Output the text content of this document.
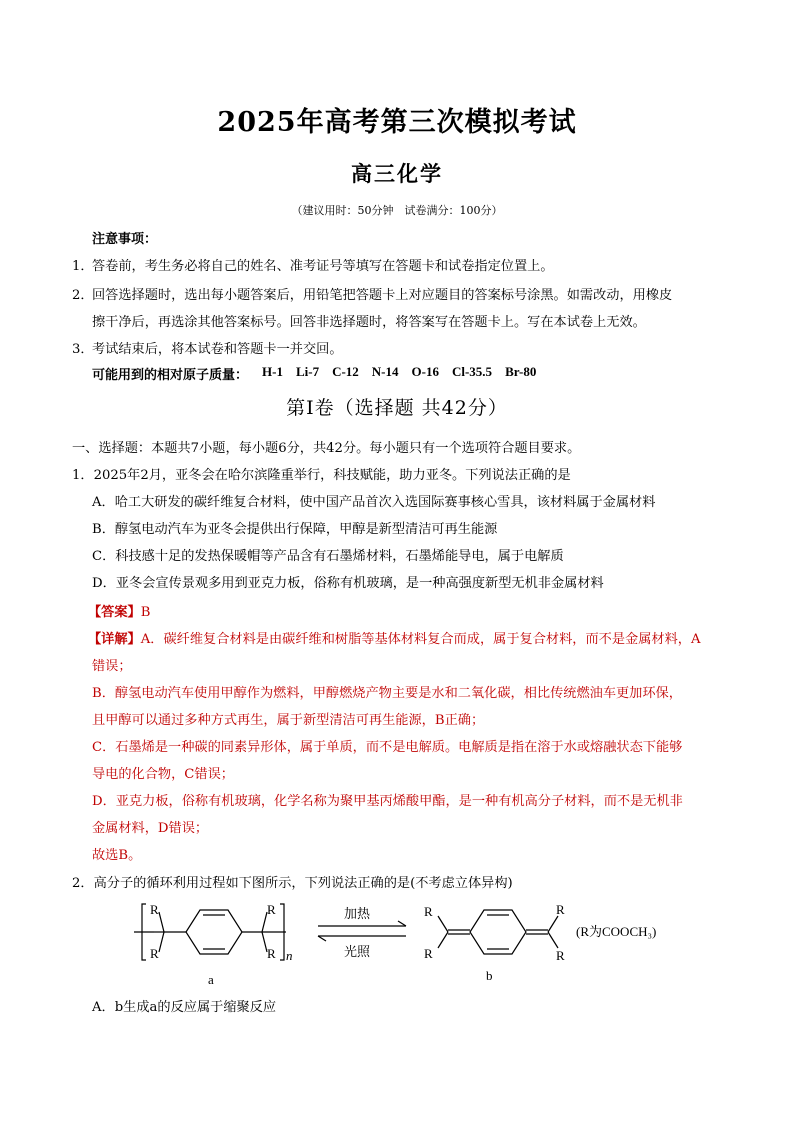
2025年高考第三次模拟考试
高三化学
（建议用时：50分钟　试卷满分：100分）
注意事项：
1．
答卷前，考生务必将自己的姓名、准考证号等填写在答题卡和试卷指定位置上。
2．
回答选择题时，选出每小题答案后，用铅笔把答题卡上对应题目的答案标号涂黑。如需改动，用橡皮
擦干净后，再选涂其他答案标号。回答非选择题时，将答案写在答题卡上。写在本试卷上无效。
3．
考试结束后，将本试卷和答题卡一并交回。
可能用到的相对原子质量： H-1 Li-7 C-12 N-14 O-16 Cl-35.5 Br-80
第Ⅰ卷（选择题 共42分）
一、选择题：本题共7小题，每小题6分，共42分。每小题只有一个选项符合题目要求。
1．2025年2月，亚冬会在哈尔滨隆重举行，科技赋能，助力亚冬。下列说法正确的是
A．哈工大研发的碳纤维复合材料，使中国产品首次入选国际赛事核心雪具，该材料属于金属材料
B．醇氢电动汽车为亚冬会提供出行保障，甲醇是新型清洁可再生能源
C．科技感十足的发热保暖帽等产品含有石墨烯材料，石墨烯能导电，属于电解质
D．亚冬会宣传景观多用到亚克力板，俗称有机玻璃，是一种高强度新型无机非金属材料
【答案】B
【详解】A．碳纤维复合材料是由碳纤维和树脂等基体材料复合而成，属于复合材料，而不是金属材料，A
错误；
B．醇氢电动汽车使用甲醇作为燃料，甲醇燃烧产物主要是水和二氧化碳，相比传统燃油车更加环保，
且甲醇可以通过多种方式再生，属于新型清洁可再生能源，B正确；
C．石墨烯是一种碳的同素异形体，属于单质，而不是电解质。电解质是指在溶于水或熔融状态下能够
导电的化合物，C错误；
D．亚克力板，俗称有机玻璃，化学名称为聚甲基丙烯酸甲酯，是一种有机高分子材料，而不是无机非
金属材料，D错误；
故选B。
2．高分子的循环利用过程如下图所示，下列说法正确的是(不考虑立体异构)
R
R
R
R n
a
加热
光照
R
R
R
R
b
(R为COOCH₃)
A．b生成a的反应属于缩聚反应
